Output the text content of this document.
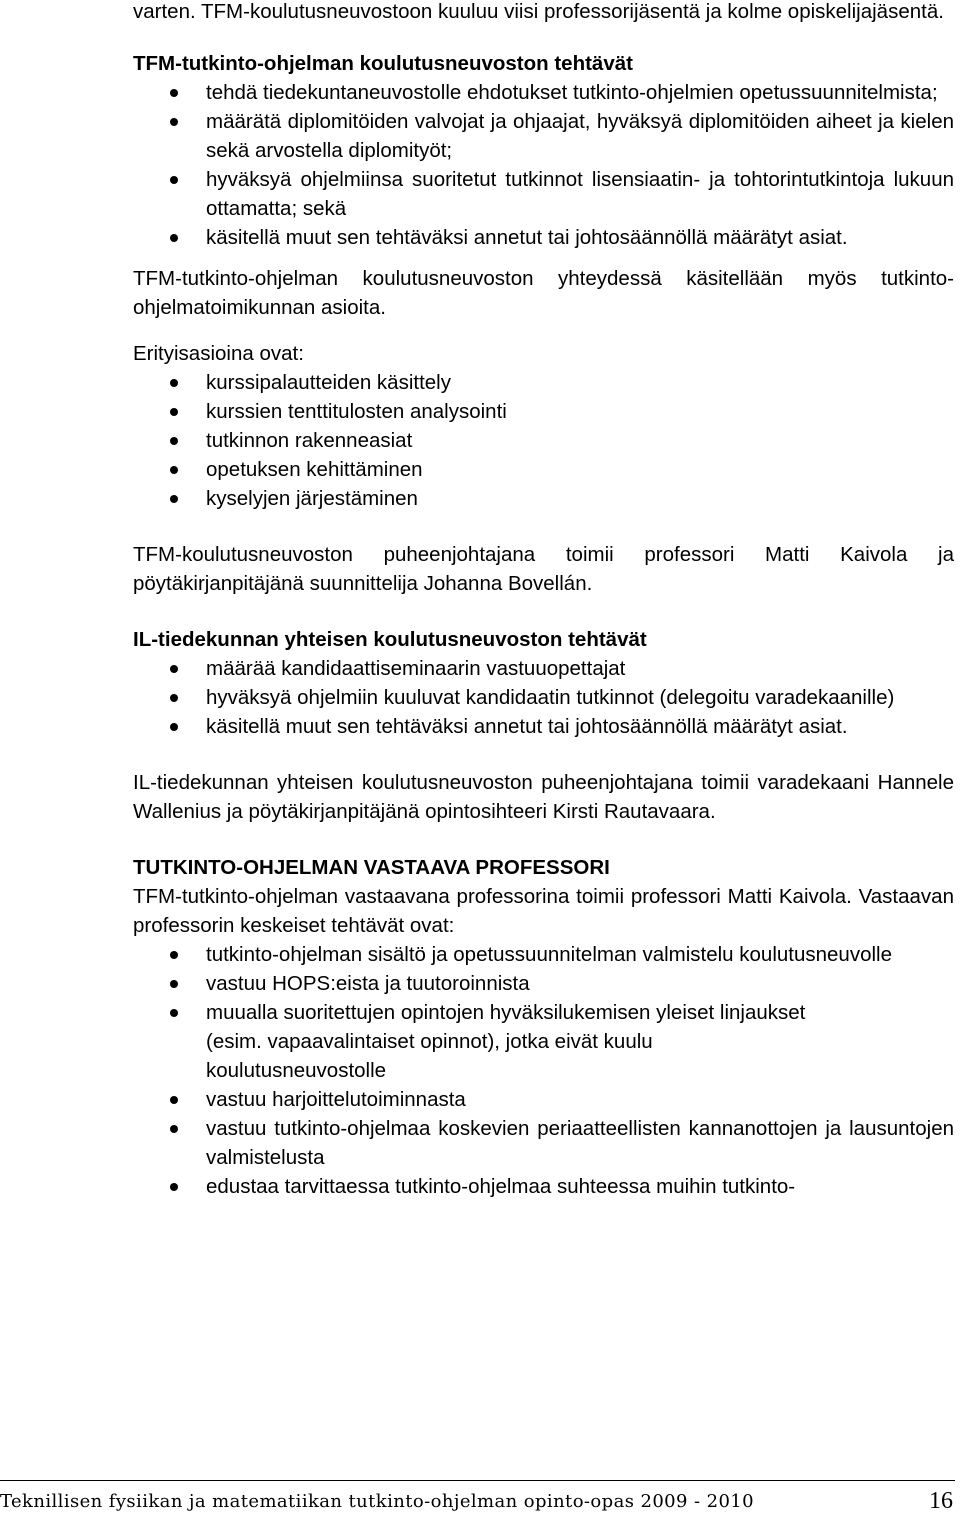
varten. TFM-koulutusneuvostoon kuuluu viisi professorijäsentä ja kolme opiskelijajäsentä.

TFM-tutkinto-ohjelman koulutusneuvoston tehtävät
tehdä tiedekuntaneuvostolle ehdotukset tutkinto-ohjelmien opetussuunnitelmista;
määrätä diplomitöiden valvojat ja ohjaajat, hyväksyä diplomitöiden aiheet ja kielen sekä arvostella diplomityöt;
hyväksyä ohjelmiinsa suoritetut tutkinnot lisensiaatin- ja tohtorintutkintoja lukuun ottamatta; sekä
käsitellä muut sen tehtäväksi annetut tai johtosäännöllä määrätyt asiat.

TFM-tutkinto-ohjelman koulutusneuvoston yhteydessä käsitellään myös tutkinto-ohjelmatoimikunnan asioita.

Erityisasioina ovat:

kurssipalautteiden käsittely
kurssien tenttitulosten analysointi
tutkinnon rakenneasiat
opetuksen kehittäminen
kyselyjen järjestäminen

TFM-koulutusneuvoston puheenjohtajana toimii professori Matti Kaivola ja pöytäkirjanpitäjänä suunnittelija Johanna Bovellán.

IL-tiedekunnan yhteisen koulutusneuvoston tehtävät
määrää kandidaattiseminaarin vastuuopettajat
hyväksyä ohjelmiin kuuluvat kandidaatin tutkinnot (delegoitu varadekaanille)
käsitellä muut sen tehtäväksi annetut tai johtosäännöllä määrätyt asiat.

IL-tiedekunnan yhteisen koulutusneuvoston puheenjohtajana toimii varadekaani Hannele Wallenius ja pöytäkirjanpitäjänä opintosihteeri Kirsti Rautavaara.

TUTKINTO-OHJELMAN VASTAAVA PROFESSORI

TFM-tutkinto-ohjelman vastaavana professorina toimii professori Matti Kaivola. Vastaavan professorin keskeiset tehtävät ovat:

tutkinto-ohjelman sisältö ja opetussuunnitelman valmistelu koulutusneuvolle
vastuu HOPS:eista ja tuutoroinnista
muualla suoritettujen opintojen hyväksilukemisen yleiset linjaukset (esim. vapaavalintaiset opinnot), jotka eivät kuulu koulutusneuvostolle
vastuu harjoittelutoiminnasta
vastuu tutkinto-ohjelmaa koskevien periaatteellisten kannanottojen ja lausuntojen valmistelusta
edustaa tarvittaessa tutkinto-ohjelmaa suhteessa muihin tutkinto-
Teknillisen fysiikan ja matematiikan tutkinto-ohjelman opinto-opas 2009 - 2010	16
